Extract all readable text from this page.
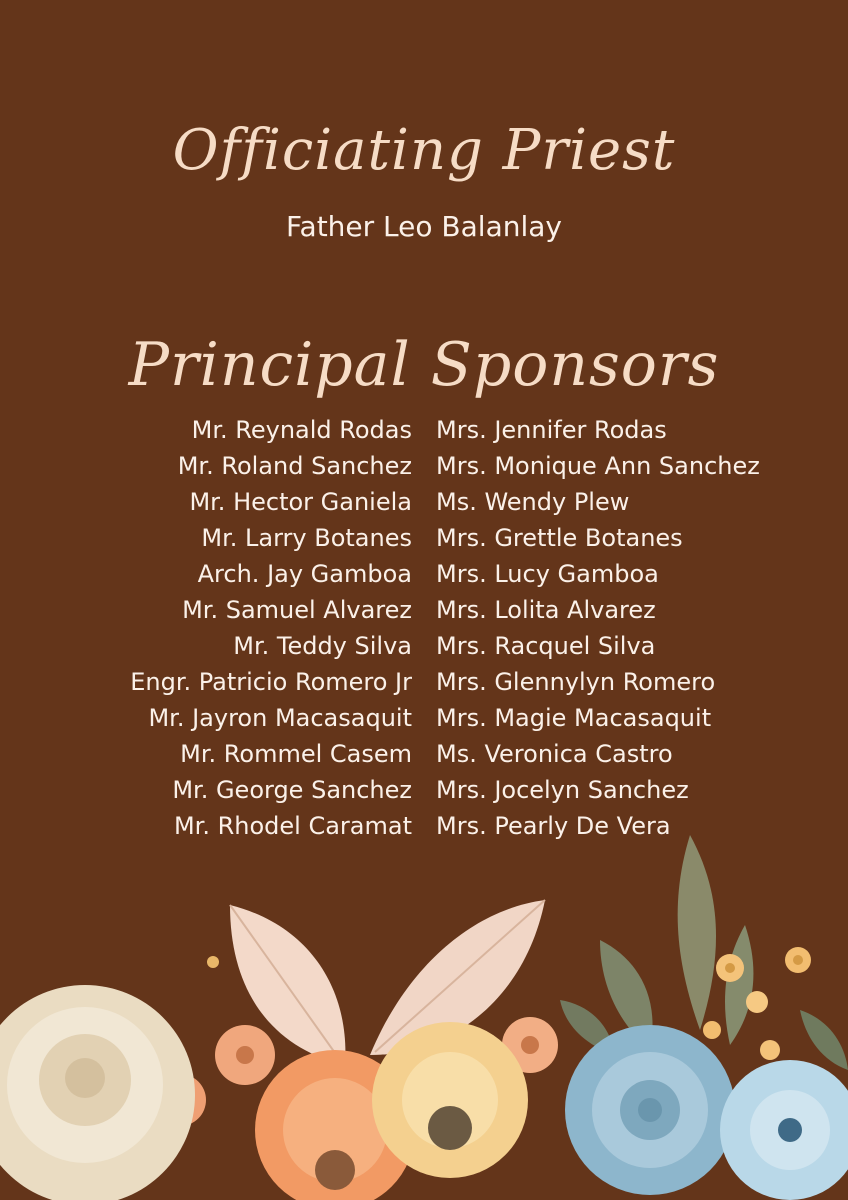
Officiating Priest

Father Leo Balanlay

Principal Sponsors
Mr. Reynald Rodas Mrs. Jennifer Rodas
Mr. Roland Sanchez Mrs. Monique Ann Sanchez
Mr. Hector Ganiela Ms. Wendy Plew
Mr. Larry Botanes Mrs. Grettle Botanes
Arch. Jay Gamboa Mrs. Lucy Gamboa
Mr. Samuel Alvarez Mrs. Lolita Alvarez
Mr. Teddy Silva Mrs. Racquel Silva
Engr. Patricio Romero Jr Mrs. Glennylyn Romero
Mr. Jayron Macasaquit Mrs. Magie Macasaquit
Mr. Rommel Casem Ms. Veronica Castro
Mr. George Sanchez Mrs. Jocelyn Sanchez
Mr. Rhodel Caramat Mrs. Pearly De Vera
